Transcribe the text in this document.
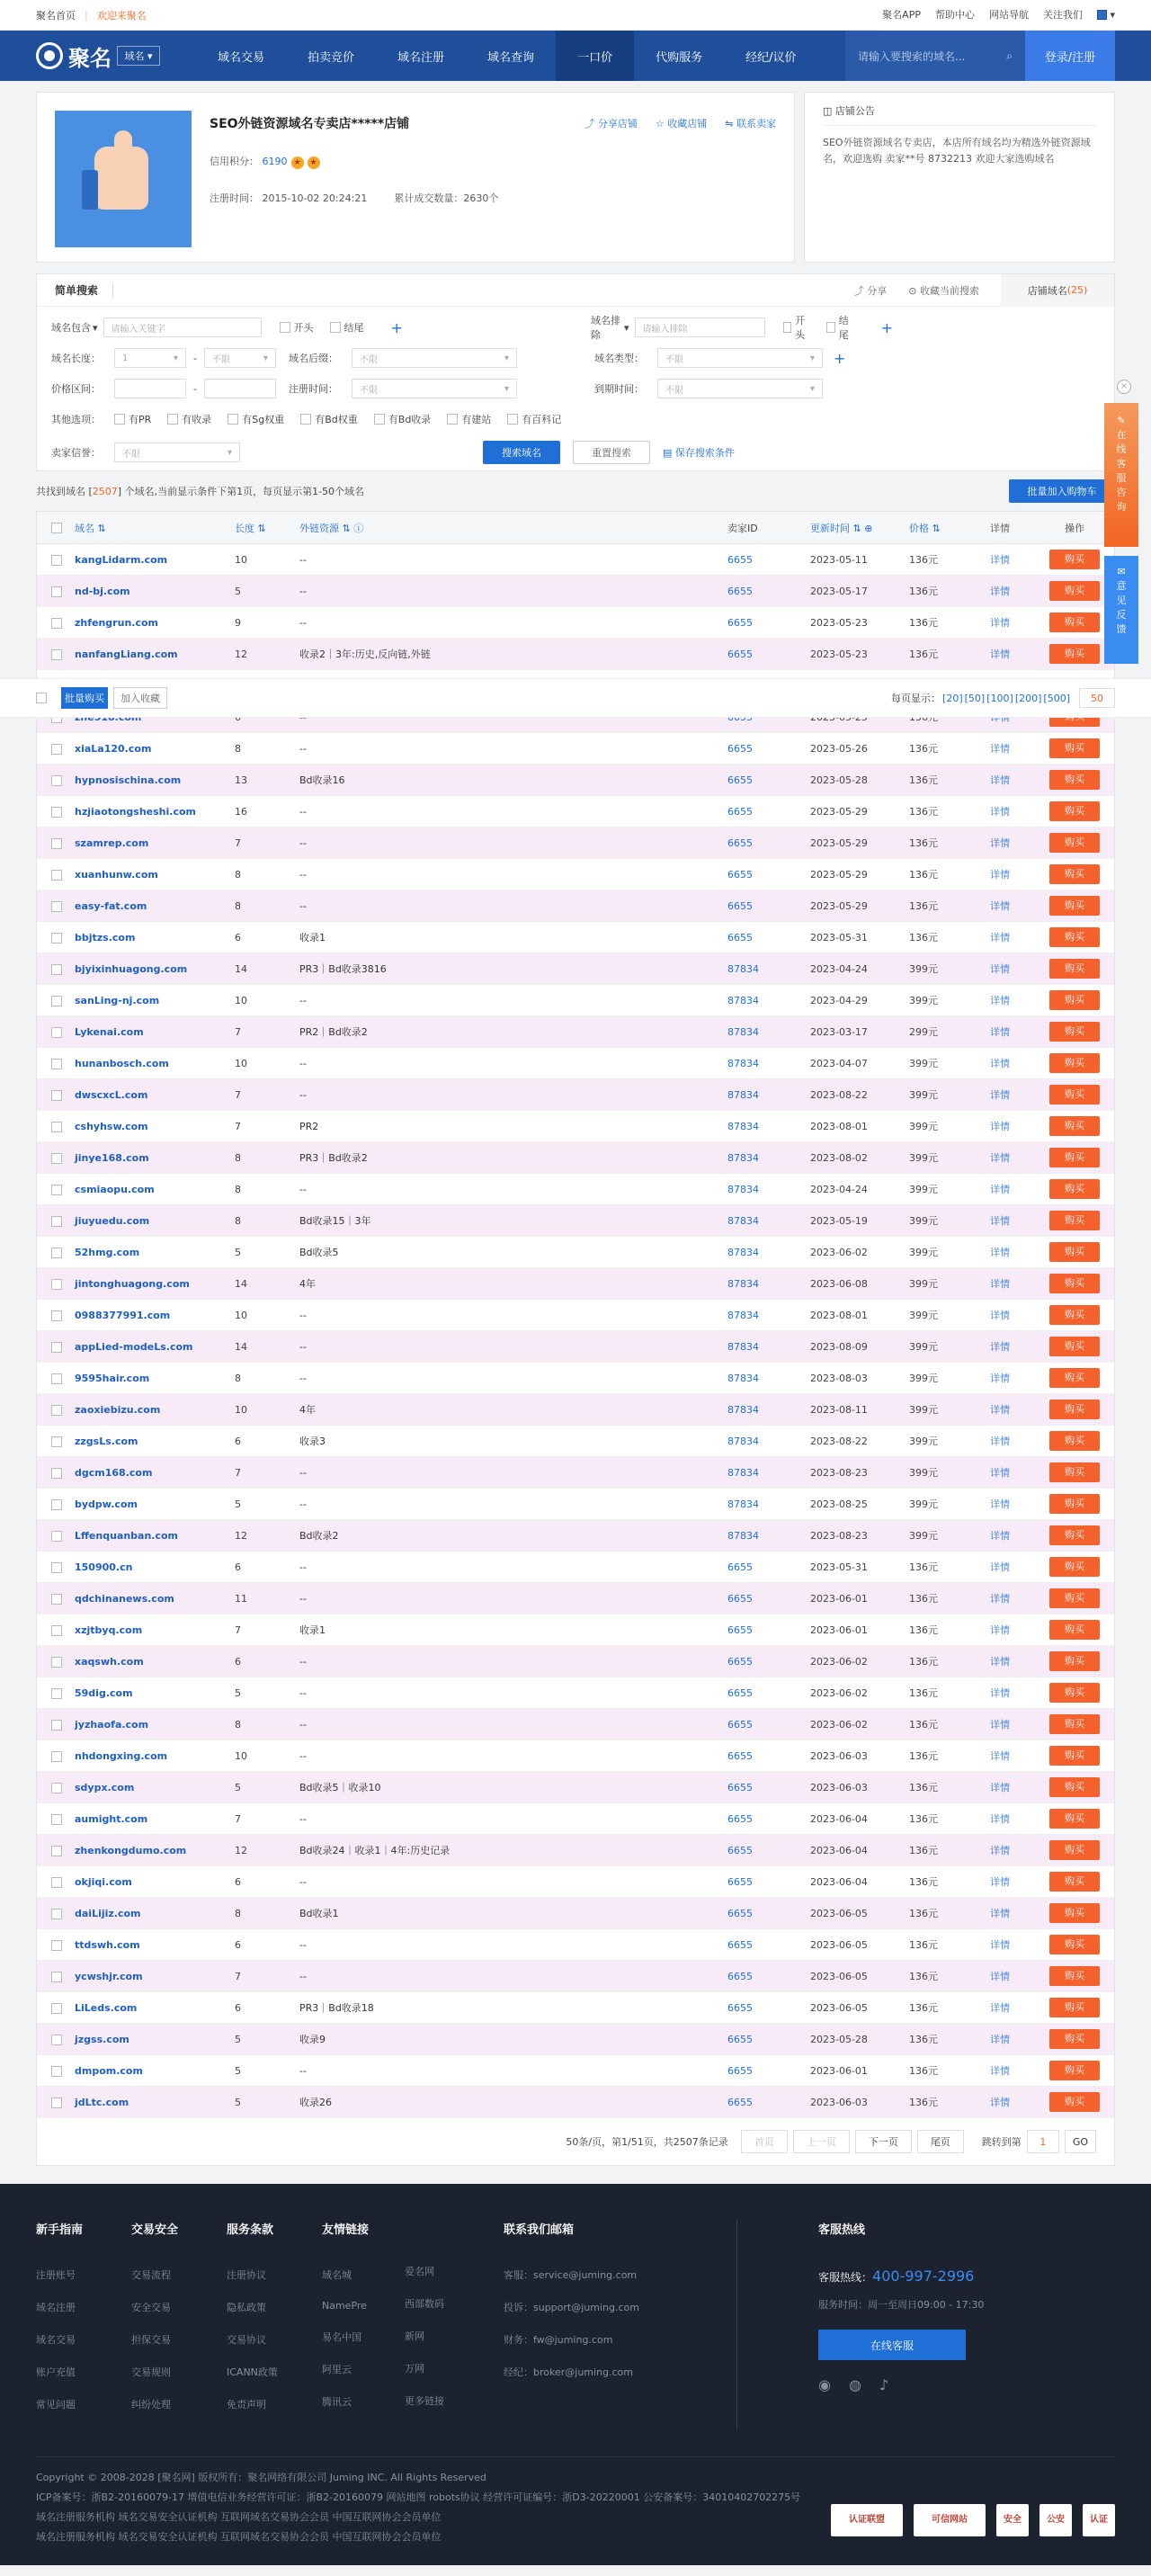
聚名首页 | 欢迎来聚名	聚名APP 帮助中心 网站导航 关注我们	▾
聚名 域名 ▾	域名交易	拍卖竞价	域名注册	域名查询	一口价	代购服务	经纪/议价	请输入要搜索的域名...	⌕	登录/注册
SEO外链资源域名专卖店*****店铺
信用积分： 6190 ★ ★
注册时间： 2015-10-02 20:24:21	累计成交数量：2630个
⤴ 分享店铺 ☆ 收藏店铺 ⇋ 联系卖家
◫ 店铺公告
SEO外链资源域名专卖店，本店所有域名均为精选外链资源域名，欢迎选购 卖家**号 8732213 欢迎大家选购域名
简单搜索	⤴ 分享 ⊙ 收藏当前搜索	店铺域名 (25)
域名包含 ▾ 请输入关键字	开头	结尾 +	域名排除
▾ 请输入排除
开头
结尾	+
域名长度：	1	▾ - 不限	▾ 域名后缀：	不限	▾	域名类型：	不限	▾ +
价格区间：	-	注册时间：	不限	▾	到期时间：	不限	▾
其他选项：	有PR	有收录	有Sg权重	有Bd权重	有Bd收录	有建站	有百科记
卖家信誉：	不限	▾	搜索域名	重置搜索	▤ 保存搜索条件
共找到域名 [2507] 个域名,当前显示条件下第1页，每页显示第1-50个域名	批量加入购物车
域名 ⇅	长度 ⇅	外链资源 ⇅ ⓘ	卖家ID	更新时间 ⇅ ⊕	价格 ⇅	详情	操作
kangLidarm.com	10	--	6655	2023-05-11	136元	详情	购买
nd-bj.com	5	--	6655	2023-05-17	136元	详情	购买
zhfengrun.com	9	--	6655	2023-05-23	136元	详情	购买
nanfangLiang.com	12	收录2｜3年:历史,反向链,外链	6655	2023-05-23	136元	详情	购买
xiaLa120.com	8	--	6655	2023-05-26	136元	详情	购买
hypnosischina.com	13	Bd收录16	6655	2023-05-28	136元	详情	购买
hzjiaotongsheshi.com	16	--	6655	2023-05-29	136元	详情	购买
szamrep.com	7	--	6655	2023-05-29	136元	详情	购买
xuanhunw.com	8	--	6655	2023-05-29	136元	详情	购买
easy-fat.com	8	--	6655	2023-05-29	136元	详情	购买
bbjtzs.com	6	收录1	6655	2023-05-31	136元	详情	购买
bjyixinhuagong.com	14	PR3｜Bd收录3816	87834	2023-04-24	399元	详情	购买
sanLing-nj.com	10	--	87834	2023-04-29	399元	详情	购买
Lykenai.com	7	PR2｜Bd收录2	87834	2023-03-17	299元	详情	购买
hunanbosch.com	10	--	87834	2023-04-07	399元	详情	购买
dwscxcL.com	7	--	87834	2023-08-22	399元	详情	购买
cshyhsw.com	7	PR2	87834	2023-08-01	399元	详情	购买
jinye168.com	8	PR3｜Bd收录2	87834	2023-08-02	399元	详情	购买
csmiaopu.com	8	--	87834	2023-04-24	399元	详情	购买
jiuyuedu.com	8	Bd收录15｜3年	87834	2023-05-19	399元	详情	购买
52hmg.com	5	Bd收录5	87834	2023-06-02	399元	详情	购买
jintonghuagong.com	14	4年	87834	2023-06-08	399元	详情	购买
0988377991.com	10	--	87834	2023-08-01	399元	详情	购买
appLied-modeLs.com	14	--	87834	2023-08-09	399元	详情	购买
9595hair.com	8	--	87834	2023-08-03	399元	详情	购买
zaoxiebizu.com	10	4年	87834	2023-08-11	399元	详情	购买
zzgsLs.com	6	收录3	87834	2023-08-22	399元	详情	购买
dgcm168.com	7	--	87834	2023-08-23	399元	详情	购买
bydpw.com	5	--	87834	2023-08-25	399元	详情	购买
Lffenquanban.com	12	Bd收录2	87834	2023-08-23	399元	详情	购买
150900.cn	6	--	6655	2023-05-31	136元	详情	购买
qdchinanews.com	11	--	6655	2023-06-01	136元	详情	购买
xzjtbyq.com	7	收录1	6655	2023-06-01	136元	详情	购买
xaqswh.com	6	--	6655	2023-06-02	136元	详情	购买
59dig.com	5	--	6655	2023-06-02	136元	详情	购买
jyzhaofa.com	8	--	6655	2023-06-02	136元	详情	购买
nhdongxing.com	10	--	6655	2023-06-03	136元	详情	购买
sdypx.com	5	Bd收录5｜收录10	6655	2023-06-03	136元	详情	购买
aumight.com	7	--	6655	2023-06-04	136元	详情	购买
zhenkongdumo.com	12	Bd收录24｜收录1｜4年:历史记录	6655	2023-06-04	136元	详情	购买
okjiqi.com	6	--	6655	2023-06-04	136元	详情	购买
daiLijiz.com	8	Bd收录1	6655	2023-06-05	136元	详情	购买
ttdswh.com	6	--	6655	2023-06-05	136元	详情	购买
ycwshjr.com	7	--	6655	2023-06-05	136元	详情	购买
LiLeds.com	6	PR3｜Bd收录18	6655	2023-06-05	136元	详情	购买
jzgss.com	5	收录9	6655	2023-05-28	136元	详情	购买
dmpom.com	5	--	6655	2023-06-01	136元	详情	购买
jdLtc.com	5	收录26	6655	2023-06-03	136元	详情	购买
50条/页，第1/51页，共2507条记录	首页	上一页	下一页	尾页	跳转到第	1	GO
批量购买	加入收藏	每页显示： [20] [50] [100] [200] [500]	50
×
✎
在线客服咨询
✉
意见反馈
新手指南
注册账号
域名注册
域名交易
账户充值
常见问题
交易安全
交易流程
安全交易
担保交易
交易规则
纠纷处理
服务条款
注册协议
隐私政策
交易协议
ICANN政策
免责声明
友情链接
域名城
NamePre
易名中国
阿里云
腾讯云

爱名网
西部数码
新网
万网
更多链接
联系我们邮箱
客服：service@juming.com
投诉：support@juming.com
财务：fw@juming.com
经纪：broker@juming.com
客服热线
客服热线：400-997-2996
服务时间：周一至周日09:00 - 17:30
在线客服
◉ ◍ ♪
Copyright © 2008-2028 [聚名网] 版权所有：聚名网络有限公司 Juming INC. All Rights Reserved
ICP备案号：浙B2-20160079-17 增值电信业务经营许可证：浙B2-20160079 网站地图 robots协议 经营许可证编号：浙D3-20220001 公安备案号：34010402702275号
域名注册服务机构 域名交易安全认证机构 互联网域名交易协会会员 中国互联网协会会员单位
域名注册服务机构 域名交易安全认证机构 互联网域名交易协会会员 中国互联网协会会员单位
认证联盟	可信网站	安全	公安	认证
